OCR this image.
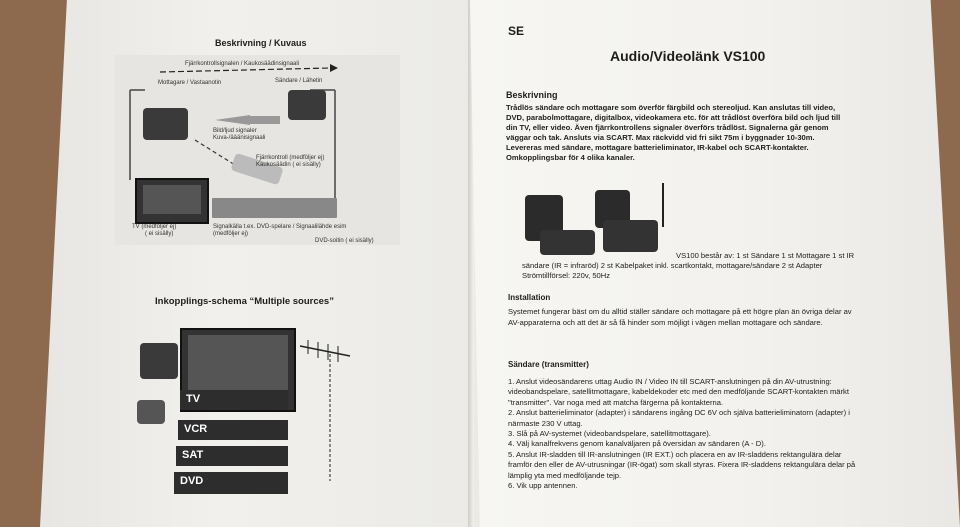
Beskrivning / Kuvaus
Fjärrkontrollsignalen / Kaukosäädinsignaali
Mottagare / Vastaanotin	Sändare / Lähetin
Bild/ljud signaler
Kuva-/ääänisignaali
Fjärrkontroll (medföljer ej)
Kaukosäädin ( ei sisälly)
TV (medföljer ej)
( ei sisälly)
Signalkälla t.ex. DVD-spelare / Signaalilähde esim
(medföljer ej)
DVD-soitin ( ei sisälly)
Inkopplings-schema “Multiple sources”
TV
VCR
SAT
DVD
SE
Audio/Videolänk VS100
Beskrivning
Trådlös sändare och mottagare som överför färgbild och stereoljud. Kan anslutas till video,
DVD, parabolmottagare, digitalbox, videokamera etc. för att trådlöst överföra bild och ljud till
din TV, eller video. Även fjärrkontrollens signaler överförs trådlöst. Signalerna går genom
väggar och tak. Ansluts via SCART. Max räckvidd vid fri sikt 75m i byggnader 10-30m.
Levereras med sändare, mottagare batterieliminator, IR-kabel och SCART-kontakter.
Omkopplingsbar för 4 olika kanaler.
VS100 består av: 1 st Sändare 1 st Mottagare 1 st IR
sändare (IR = infraröd) 2 st Kabelpaket inkl. scartkontakt, mottagare/sändare 2 st Adapter
Strömtillförsel: 220v, 50Hz
Installation
Systemet fungerar bäst om du alltid ställer sändare och mottagare på ett högre plan än övriga delar av
AV-apparaterna och att det är så få hinder som möjligt i vägen mellan mottagare och sändare.
Sändare (transmitter)
1. Anslut videosändarens uttag Audio IN / Video IN till SCART-anslutningen på din AV-utrustning:
videobandspelare, satellitmottagare, kabeldekoder etc med den medföljande SCART-kontakten märkt
"transmitter". Var noga med att matcha färgerna på kontakterna.
2. Anslut batterieliminator (adapter) i sändarens ingång DC 6V och själva batterieliminatorn (adapter) i
närmaste 230 V uttag.
3. Slå på AV-systemet (videobandspelare, satellitmottagare).
4. Välj kanalfrekvens genom kanalväljaren på översidan av sändaren (A - D).
5. Anslut IR-sladden till IR-anslutningen (IR EXT.) och placera en av IR-sladdens rektangulära delar
framför den eller de AV-utrusningar (IR-ögat) som skall styras. Fixera IR-sladdens rektangulära delar på
lämplig yta med medföljande tejp.
6. Vik upp antennen.
